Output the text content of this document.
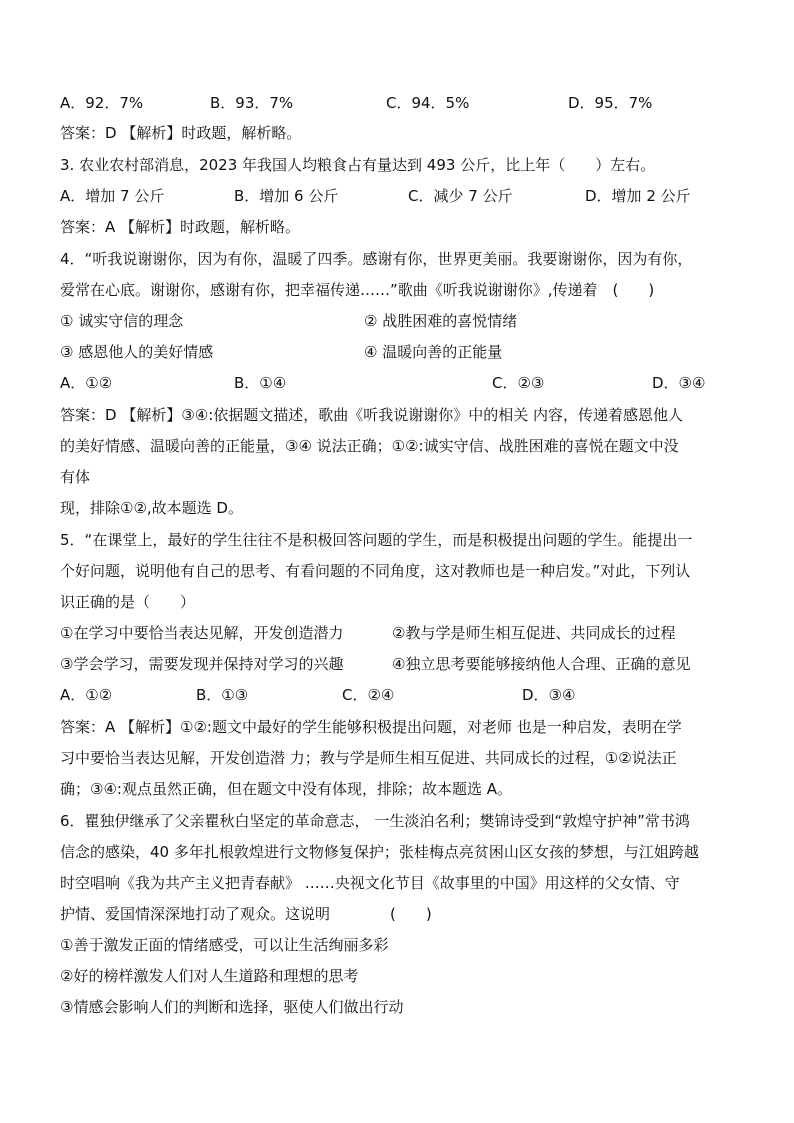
A．92．7%	B．93．7%	C．94．5%	D．95．7%
答案：D 【解析】时政题，解析略。
3. 农业农村部消息，2023 年我国人均粮食占有量达到 493 公斤，比上年（　　）左右。
A．增加 7 公斤	B．增加 6 公斤	C．减少 7 公斤	D．增加 2 公斤
答案：A 【解析】时政题，解析略。
4．“听我说谢谢你，因为有你，温暖了四季。感谢有你，世界更美丽。我要谢谢你，因为有你，
爱常在心底。谢谢你，感谢有你，把幸福传递……”歌曲《听我说谢谢你》,传递着　(　　)
① 诚实守信的理念	② 战胜困难的喜悦情绪
③ 感恩他人的美好情感	④ 温暖向善的正能量
A．①②	B．①④	C．②③	D．③④
答案：D 【解析】③④:依据题文描述，歌曲《听我说谢谢你》中的相关 内容，传递着感恩他人
的美好情感、温暖向善的正能量，③④ 说法正确；①②:诚实守信、战胜困难的喜悦在题文中没
有体
现，排除①②,故本题选 D。
5．“在课堂上，最好的学生往往不是积极回答问题的学生，而是积极提出问题的学生。能提出一
个好问题，说明他有自己的思考、有看问题的不同角度，这对教师也是一种启发。”对此，下列认
识正确的是（　　）
①在学习中要恰当表达见解，开发创造潜力	②教与学是师生相互促进、共同成长的过程
③学会学习，需要发现并保持对学习的兴趣	④独立思考要能够接纳他人合理、正确的意见
A．①②	B．①③	C．②④	D．③④
答案：A 【解析】①②:题文中最好的学生能够积极提出问题，对老师 也是一种启发，表明在学
习中要恰当表达见解，开发创造潜 力；教与学是师生相互促进、共同成长的过程，①②说法正
确；③④:观点虽然正确，但在题文中没有体现，排除；故本题选 A。
6．瞿独伊继承了父亲瞿秋白坚定的革命意志， 一生淡泊名利；樊锦诗受到“敦煌守护神”常书鸿
信念的感染，40 多年扎根敦煌进行文物修复保护；张桂梅点亮贫困山区女孩的梦想，与江姐跨越
时空唱响《我为共产主义把青春献》 ……央视文化节目《故事里的中国》用这样的父女情、守
护情、爱国情深深地打动了观众。这说明　　　　(　　)
①善于激发正面的情绪感受，可以让生活绚丽多彩
②好的榜样激发人们对人生道路和理想的思考
③情感会影响人们的判断和选择，驱使人们做出行动
